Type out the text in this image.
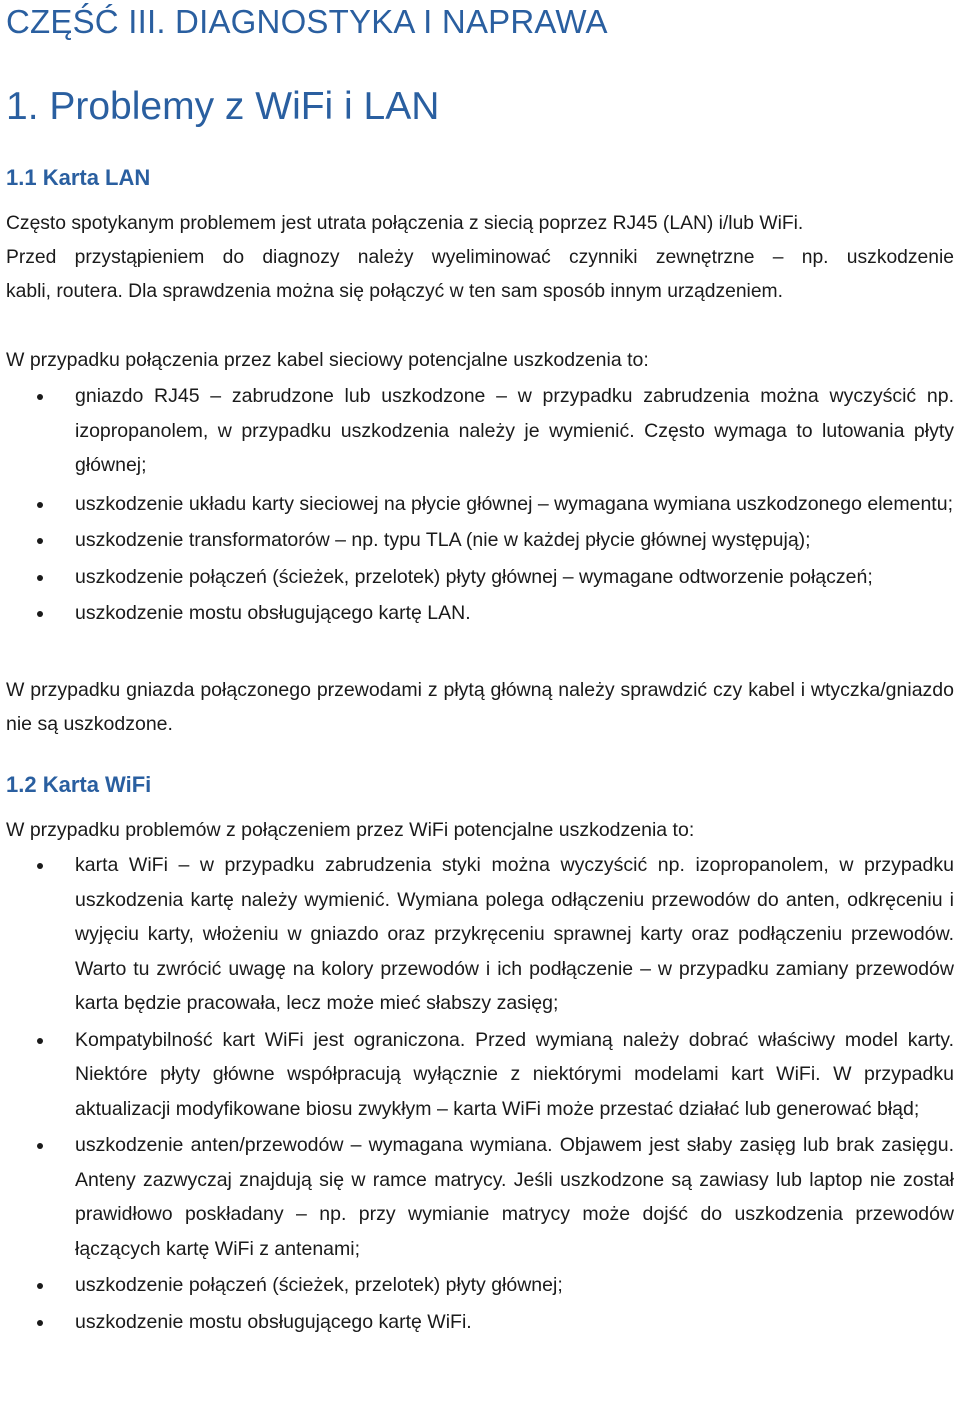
CZĘŚĆ III. DIAGNOSTYKA I NAPRAWA
1. Problemy z WiFi i LAN
1.1 Karta LAN

Często spotykanym problemem jest utrata połączenia z siecią poprzez RJ45 (LAN) i/lub WiFi.
Przed przystąpieniem do diagnozy należy wyeliminować czynniki zewnętrzne – np. uszkodzenie
kabli, routera. Dla sprawdzenia można się połączyć w ten sam sposób innym urządzeniem.

W przypadku połączenia przez kabel sieciowy potencjalne uszkodzenia to:

gniazdo RJ45 – zabrudzone lub uszkodzone – w przypadku zabrudzenia można wyczyścić np. izopropanolem, w przypadku uszkodzenia należy je wymienić. Często wymaga to lutowania płyty głównej;
uszkodzenie układu karty sieciowej na płycie głównej – wymagana wymiana uszkodzonego elementu;
uszkodzenie transformatorów – np. typu TLA (nie w każdej płycie głównej występują);
uszkodzenie połączeń (ścieżek, przelotek) płyty głównej – wymagane odtworzenie połączeń;
uszkodzenie mostu obsługującego kartę LAN.

W przypadku gniazda połączonego przewodami z płytą główną należy sprawdzić czy kabel i wtyczka/gniazdo nie są uszkodzone.

1.2 Karta WiFi

W przypadku problemów z połączeniem przez WiFi potencjalne uszkodzenia to:

karta WiFi – w przypadku zabrudzenia styki można wyczyścić np. izopropanolem, w przypadku uszkodzenia kartę należy wymienić. Wymiana polega odłączeniu przewodów do anten, odkręceniu i wyjęciu karty, włożeniu w gniazdo oraz przykręceniu sprawnej karty oraz podłączeniu przewodów. Warto tu zwrócić uwagę na kolory przewodów i ich podłączenie – w przypadku zamiany przewodów karta będzie pracowała, lecz może mieć słabszy zasięg;
Kompatybilność kart WiFi jest ograniczona. Przed wymianą należy dobrać właściwy model karty. Niektóre płyty główne współpracują wyłącznie z niektórymi modelami kart WiFi. W przypadku aktualizacji modyfikowane biosu zwykłym – karta WiFi może przestać działać lub generować błąd;
uszkodzenie anten/przewodów – wymagana wymiana. Objawem jest słaby zasięg lub brak zasięgu. Anteny zazwyczaj znajdują się w ramce matrycy. Jeśli uszkodzone są zawiasy lub laptop nie został prawidłowo poskładany – np. przy wymianie matrycy może dojść do uszkodzenia przewodów łączących kartę WiFi z antenami;
uszkodzenie połączeń (ścieżek, przelotek) płyty głównej;
uszkodzenie mostu obsługującego kartę WiFi.
